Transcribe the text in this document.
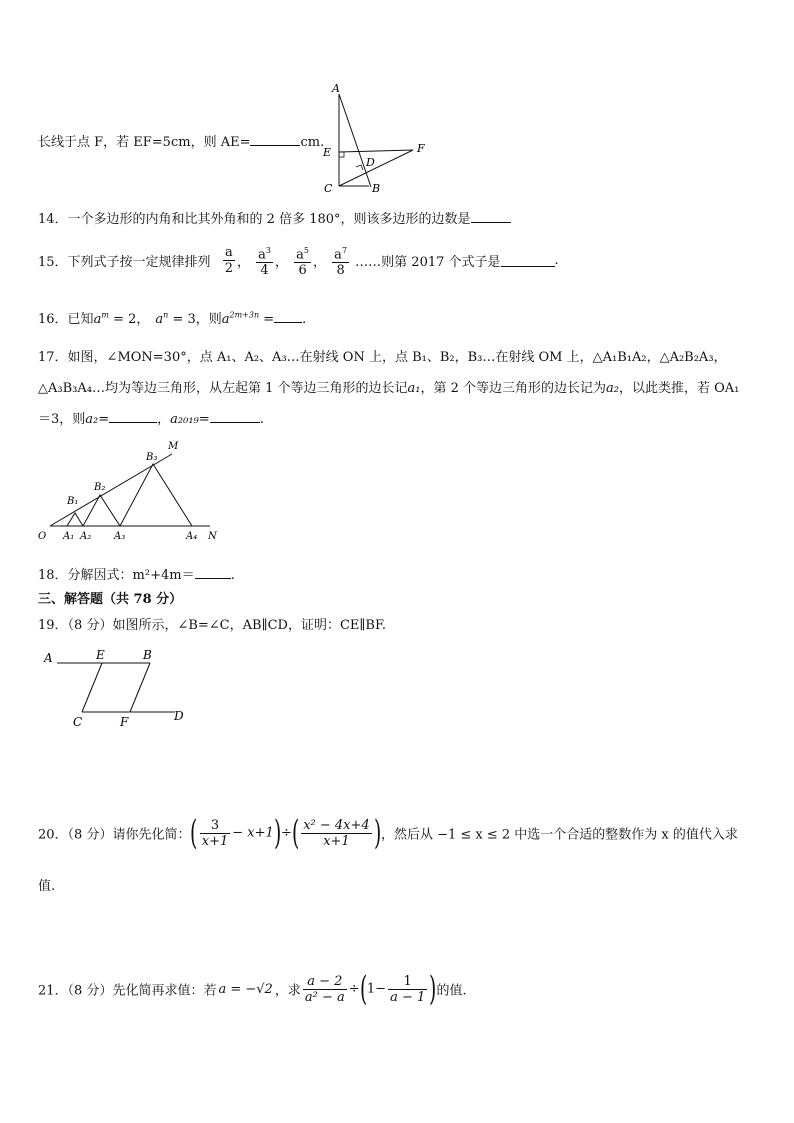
长线于点 F，若 EF=5cm，则 AE=	cm.
A
E	F
D
C	B
14．一个多边形的内角和比其外角和的 2 倍多 180°，则该多边形的边数是
15．下列式子按一定规律排列 $\frac{a}{2}$ ， $\frac{a^3}{4}$ ， $\frac{a^5}{6}$ ， $\frac{a^7}{8}$ ……则第 2017 个式子是	.
16．已知$a^m = 2$， $a^n = 3$，则$a^{2m+3n}$ = .
17．如图，∠MON=30°，点 A₁、A₂、A₃…在射线 ON 上，点 B₁、B₂，B₃…在射线 OM 上，△A₁B₁A₂，△A₂B₂A₃，
△A₃B₃A₄…均为等边三角形，从左起第 1 个等边三角形的边长记a₁，第 2 个等边三角形的边长记为a₂，以此类推，若 OA₁
＝3，则a₂=	，a₂₀₁₉=	.
O A₁ A₂ A₃	A₄ N
M
B₁
B₂
B₃
18．分解因式：m²+4m＝	.
三、解答题（共 78 分）
19．（8 分）如图所示，∠B=∠C，AB∥CD，证明：CE∥BF.
A	E	B
C	F	D
20．（8 分）请你先化简：( $\frac{3}{x+1} - x+1)\div( \frac{\text{x² − 4x+4}}{x+1}$ )，然后从 −1 ≤ x ≤ 2 中选一个合适的整数作为 x 的值代入求
值.
21．（8 分）先化简再求值：若 a = −√2 ，求 $\frac{a - 2}{\text{a² − a}} \div(1- \frac{1}{a - 1}$ )的值.
